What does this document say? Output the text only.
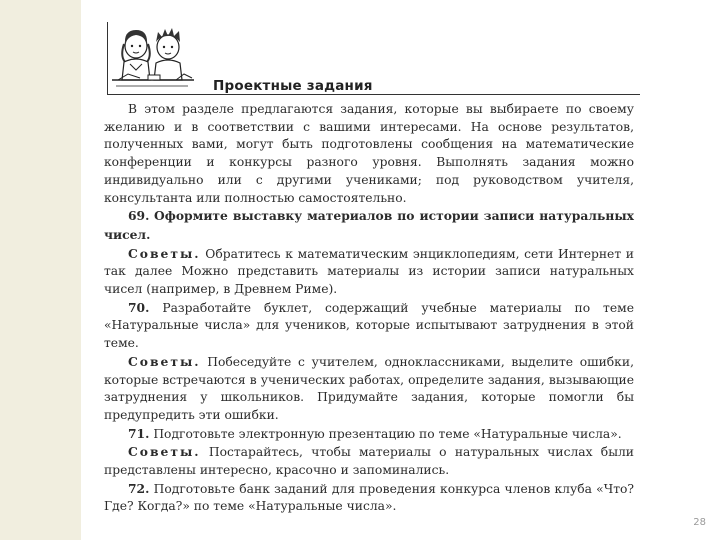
Проектные задания

В этом разделе предлагаются задания, которые вы выбираете по своему желанию и в соответствии с вашими интересами. На основе результатов, полученных вами, могут быть подготовлены сообщения на математические конференции и конкурсы разного уровня. Выполнять задания можно индивидуально или с другими учениками; под руководством учителя, консультанта или полностью самостоятельно.

69. Оформите выставку материалов по истории записи натуральных чисел.

Советы. Обратитесь к математическим энциклопедиям, сети Интернет и так далее Можно представить материалы из истории записи натуральных чисел (например, в Древнем Риме).

70. Разработайте буклет, содержащий учебные материалы по теме «Натуральные числа» для учеников, которые испытывают затруднения в этой теме.

Советы. Побеседуйте с учителем, одноклассниками, выделите ошибки, которые встречаются в ученических работах, определите задания, вызывающие затруднения у школьников. Придумайте задания, которые помогли бы предупредить эти ошибки.

71. Подготовьте электронную презентацию по теме «Натуральные числа».

Советы. Постарайтесь, чтобы материалы о натуральных числах были представлены интересно, красочно и запоминались.

72. Подготовьте банк заданий для проведения конкурса членов клуба «Что? Где? Когда?» по теме «Натуральные числа».

28
